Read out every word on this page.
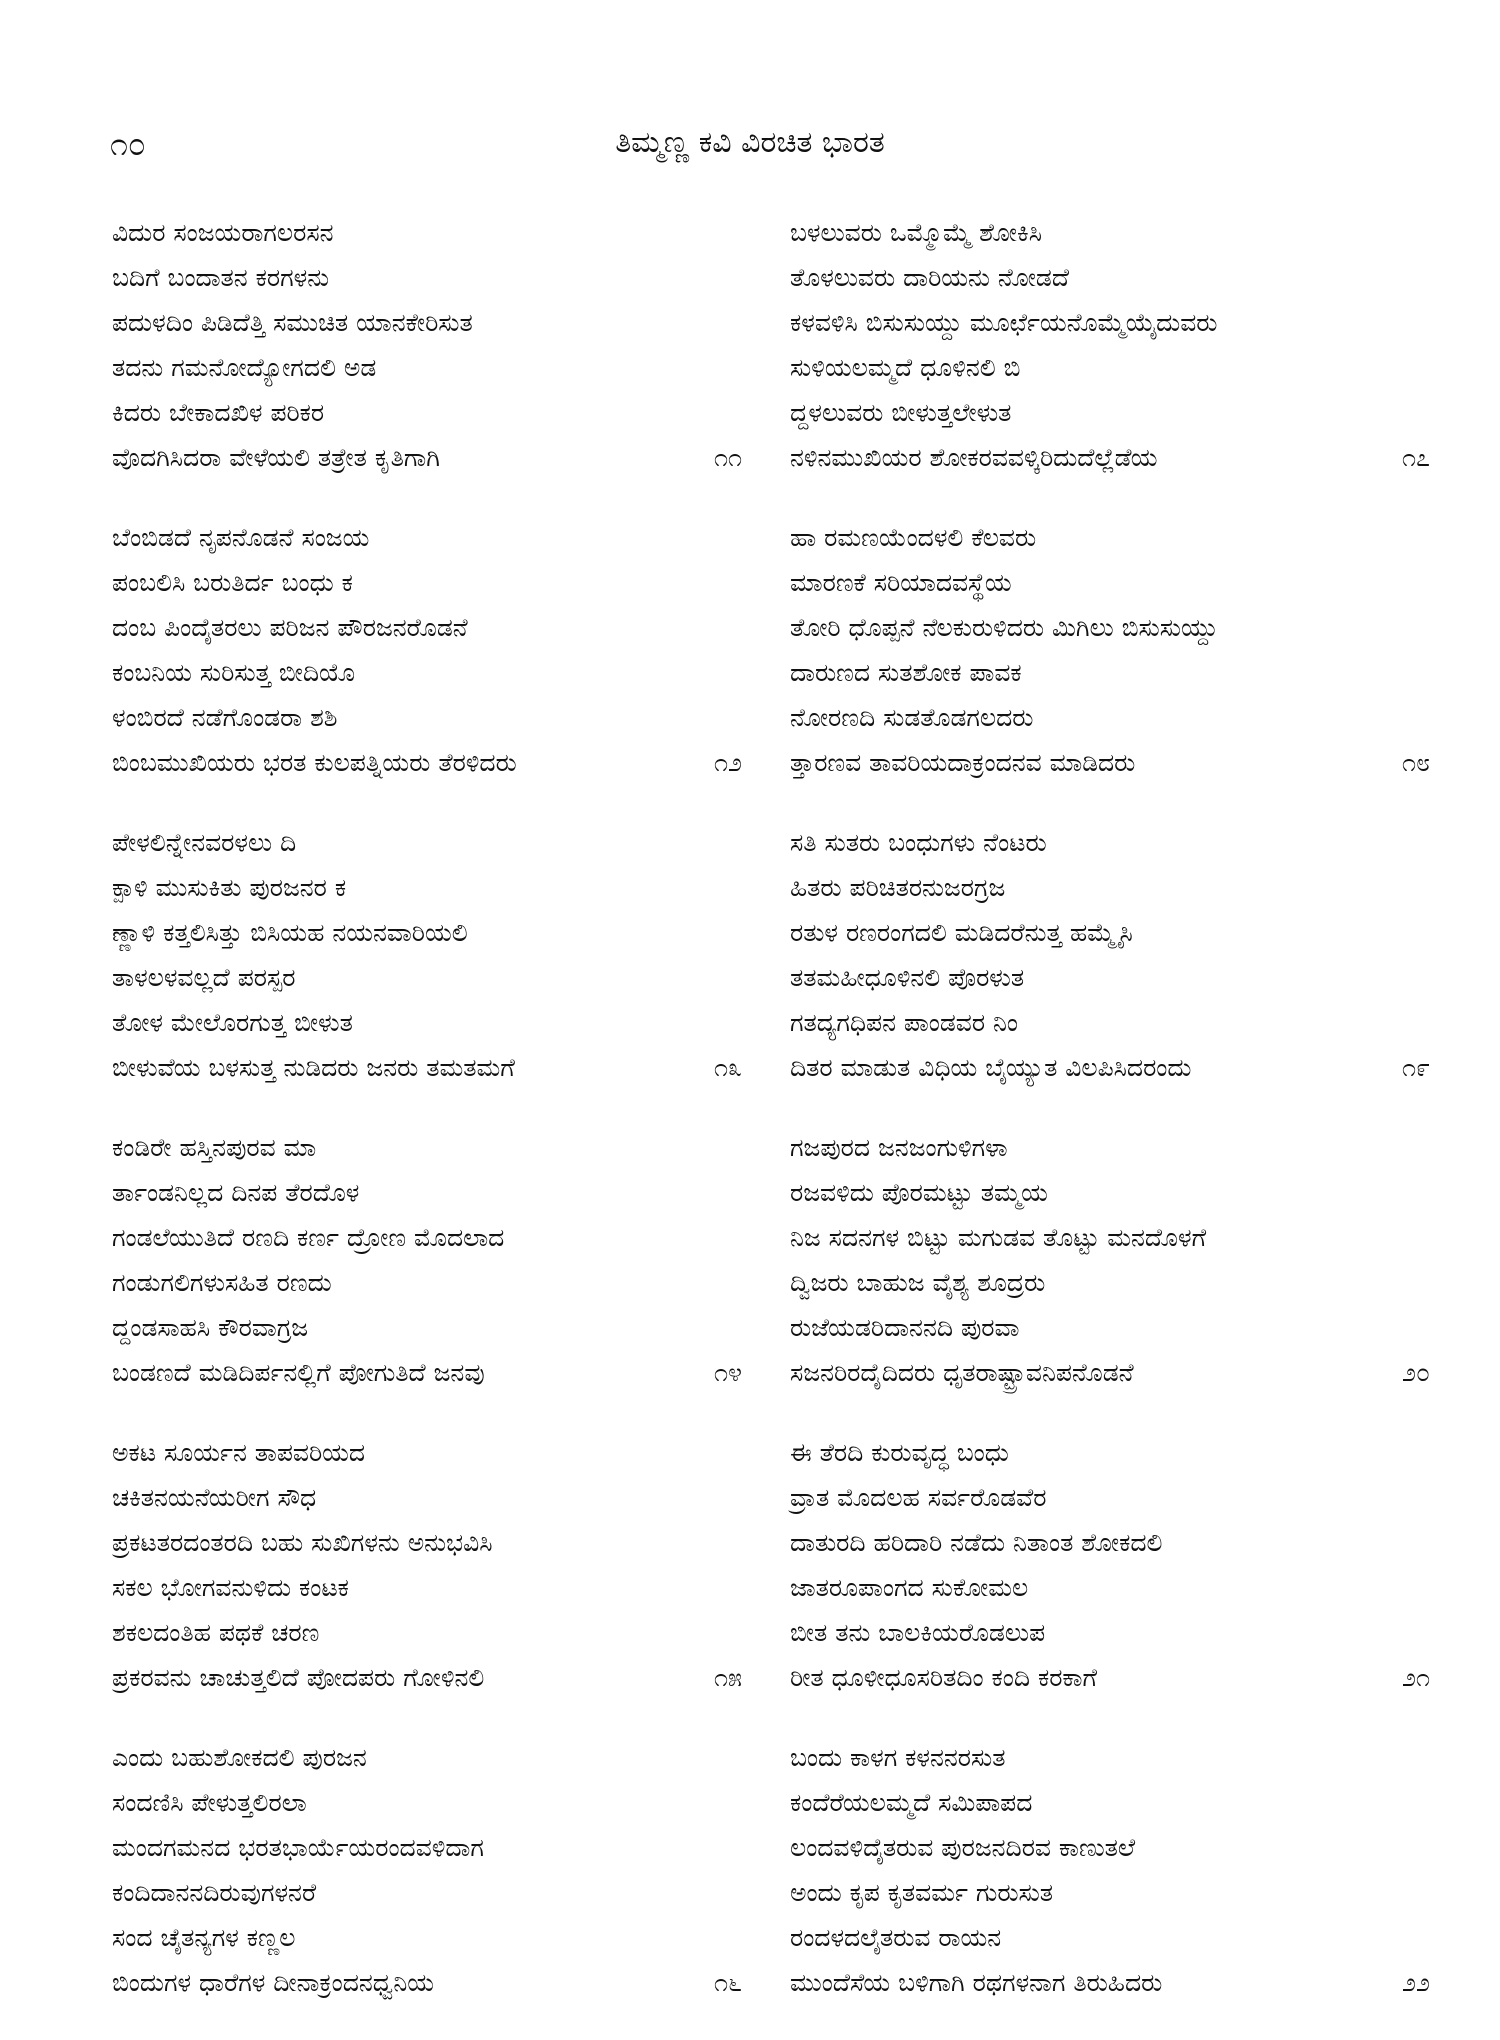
೧೦	ತಿಮ್ಮಣ್ಣ ಕವಿ ವಿರಚಿತ ಭಾರತ
ವಿದುರ ಸಂಜಯರಾಗಲರಸನ
ಬದಿಗೆ ಬಂದಾತನ ಕರಗಳನು
ಪದುಳದಿಂ ಪಿಡಿದೆತ್ತಿ ಸಮುಚಿತ ಯಾನಕೇರಿಸುತ
ತದನು ಗಮನೋದ್ಯೋಗದಲಿ ಅಡ
ಕಿದರು ಬೇಕಾದಖಿಳ ಪರಿಕರ
ವೊದಗಿಸಿದರಾ ವೇಳೆಯಲಿ ತತ್ರೇತ ಕೃತಿಗಾಗಿ	೧೧
ಬೆಂಬಿಡದೆ ನೃಪನೊಡನೆ ಸಂಜಯ
ಪಂಬಲಿಸಿ ಬರುತಿರ್ದ ಬಂಧು ಕ
ದಂಬ ಪಿಂದೈತರಲು ಪರಿಜನ ಪೌರಜನರೊಡನೆ
ಕಂಬನಿಯ ಸುರಿಸುತ್ತ ಬೀದಿಯೊ
ಳಂಬಿರದೆ ನಡೆಗೊಂಡರಾ ಶಶಿ
ಬಿಂಬಮುಖಿಯರು ಭರತ ಕುಲಪತ್ನಿಯರು ತೆರಳಿದರು	೧೨
ಪೇಳಲಿನ್ನೇನವರಳಲು ದಿ
ಕ್ಪಾಳಿ ಮುಸುಕಿತು ಪುರಜನರ ಕ
ಣ್ಣಾಳಿ ಕತ್ತಲಿಸಿತ್ತು ಬಿಸಿಯಹ ನಯನವಾರಿಯಲಿ
ತಾಳಲಳವಲ್ಲದೆ ಪರಸ್ಪರ
ತೋಳ ಮೇಲೊರಗುತ್ತ ಬೀಳುತ
ಬೀಳುವೆಯ ಬಳಸುತ್ತ ನುಡಿದರು ಜನರು ತಮತಮಗೆ	೧೩
ಕಂಡಿರೇ ಹಸ್ತಿನಪುರವ ಮಾ
ರ್ತಾಂಡನಿಲ್ಲದ ದಿನಪ ತೆರದೊಳ
ಗಂಡಲೆಯುತಿದೆ ರಣದಿ ಕರ್ಣ ದ್ರೋಣ ಮೊದಲಾದ
ಗಂಡುಗಲಿಗಳುಸಹಿತ ರಣದು
ದ್ದಂಡಸಾಹಸಿ ಕೌರವಾಗ್ರಜ
ಬಂಡಣದೆ ಮಡಿದಿರ್ಪನಲ್ಲಿಗೆ ಪೋಗುತಿದೆ ಜನವು	೧೪
ಅಕಟ ಸೂರ್ಯನ ತಾಪವರಿಯದ
ಚಕಿತನಯನೆಯರೀಗ ಸೌಧ
ಪ್ರಕಟತರದಂತರದಿ ಬಹು ಸುಖಿಗಳನು ಅನುಭವಿಸಿ
ಸಕಲ ಭೋಗವನುಳಿದು ಕಂಟಕ
ಶಕಲದಂತಿಹ ಪಥಕೆ ಚರಣ
ಪ್ರಕರವನು ಚಾಚುತ್ತಲಿದೆ ಪೋದಪರು ಗೋಳಿನಲಿ	೧೫
ಎಂದು ಬಹುಶೋಕದಲಿ ಪುರಜನ
ಸಂದಣಿಸಿ ಪೇಳುತ್ತಲಿರಲಾ
ಮಂದಗಮನದ ಭರತಭಾರ್ಯೆಯರಂದವಳಿದಾಗ
ಕಂದಿದಾನನದಿರುವುಗಳನರೆ
ಸಂದ ಚೈತನ್ಯಗಳ ಕಣ್ಣಲ
ಬಿಂದುಗಳ ಧಾರೆಗಳ ದೀನಾಕ್ರಂದನಧ್ವನಿಯ	೧೬
ಬಳಲುವರು ಒಮ್ಮೊಮ್ಮೆ ಶೋಕಿಸಿ
ತೊಳಲುವರು ದಾರಿಯನು ನೋಡದೆ
ಕಳವಳಿಸಿ ಬಿಸುಸುಯ್ದು ಮೂರ್ಛೆಯನೊಮ್ಮೆಯೈದುವರು
ಸುಳಿಯಲಮ್ಮದೆ ಧೂಳಿನಲಿ ಬಿ
ದ್ದಳಲುವರು ಬೀಳುತ್ತಲೇಳುತ
ನಳಿನಮುಖಿಯರ ಶೋಕರವವಳ್ಕಿರಿದುದೆಲ್ಲೆಡೆಯ	೧೭
ಹಾ ರಮಣಯೆಂದಳಲಿ ಕೆಲವರು
ಮಾರಣಕೆ ಸರಿಯಾದವಸ್ಥೆಯ
ತೋರಿ ಧೊಪ್ಪನೆ ನೆಲಕುರುಳಿದರು ಮಿಗಿಲು ಬಿಸುಸುಯ್ದು
ದಾರುಣದ ಸುತಶೋಕ ಪಾವಕ
ನೋರಣದಿ ಸುಡತೊಡಗಲದರು
ತ್ತಾರಣವ ತಾವರಿಯದಾಕ್ರಂದನವ ಮಾಡಿದರು	೧೮
ಸತಿ ಸುತರು ಬಂಧುಗಳು ನೆಂಟರು
ಹಿತರು ಪರಿಚಿತರನುಜರಗ್ರಜ
ರತುಳ ರಣರಂಗದಲಿ ಮಡಿದರೆನುತ್ತ ಹಮ್ಮೈಸಿ
ತತಮಹೀಧೂಳಿನಲಿ ಪೊರಳುತ
ಗತದ್ಯಗಧಿಪನ ಪಾಂಡವರ ನಿಂ
ದಿತರ ಮಾಡುತ ವಿಧಿಯ ಬೈಯ್ಯುತ ವಿಲಪಿಸಿದರಂದು	೧೯
ಗಜಪುರದ ಜನಜಂಗುಳಿಗಳಾ
ರಜವಳಿದು ಪೊರಮಟ್ಟು ತಮ್ಮಯ
ನಿಜ ಸದನಗಳ ಬಿಟ್ಟು ಮಗುಡವ ತೊಟ್ಟು ಮನದೊಳಗೆ
ದ್ವಿಜರು ಬಾಹುಜ ವೈಶ್ಯ ಶೂದ್ರರು
ರುಜೆಯಡರಿದಾನನದಿ ಪುರವಾ
ಸಜನರಿರದೈದಿದರು ಧೃತರಾಷ್ಟ್ರಾವನಿಪನೊಡನೆ	೨೦
ಈ ತೆರದಿ ಕುರುವೃದ್ಧ ಬಂಧು
ವ್ರಾತ ಮೊದಲಹ ಸರ್ವರೊಡವೆರ
ದಾತುರದಿ ಹರಿದಾರಿ ನಡೆದು ನಿತಾಂತ ಶೋಕದಲಿ
ಜಾತರೂಪಾಂಗದ ಸುಕೋಮಲ
ಬೀತ ತನು ಬಾಲಕಿಯರೊಡಲುಪ
ರೀತ ಧೂಳೀಧೂಸರಿತದಿಂ ಕಂದಿ ಕರಕಾಗೆ	೨೧
ಬಂದು ಕಾಳಗ ಕಳನನರಸುತ
ಕಂದೆರೆಯಲಮ್ಮದೆ ಸಮಿಪಾಪದ
ಲಂದವಳಿದೈತರುವ ಪುರಜನದಿರವ ಕಾಣುತಲೆ
ಅಂದು ಕೃಪ ಕೃತವರ್ಮ ಗುರುಸುತ
ರಂದಳದಲೈತರುವ ರಾಯನ
ಮುಂದೆಸೆಯ ಬಳಿಗಾಗಿ ರಥಗಳನಾಗ ತಿರುಹಿದರು	೨೨
